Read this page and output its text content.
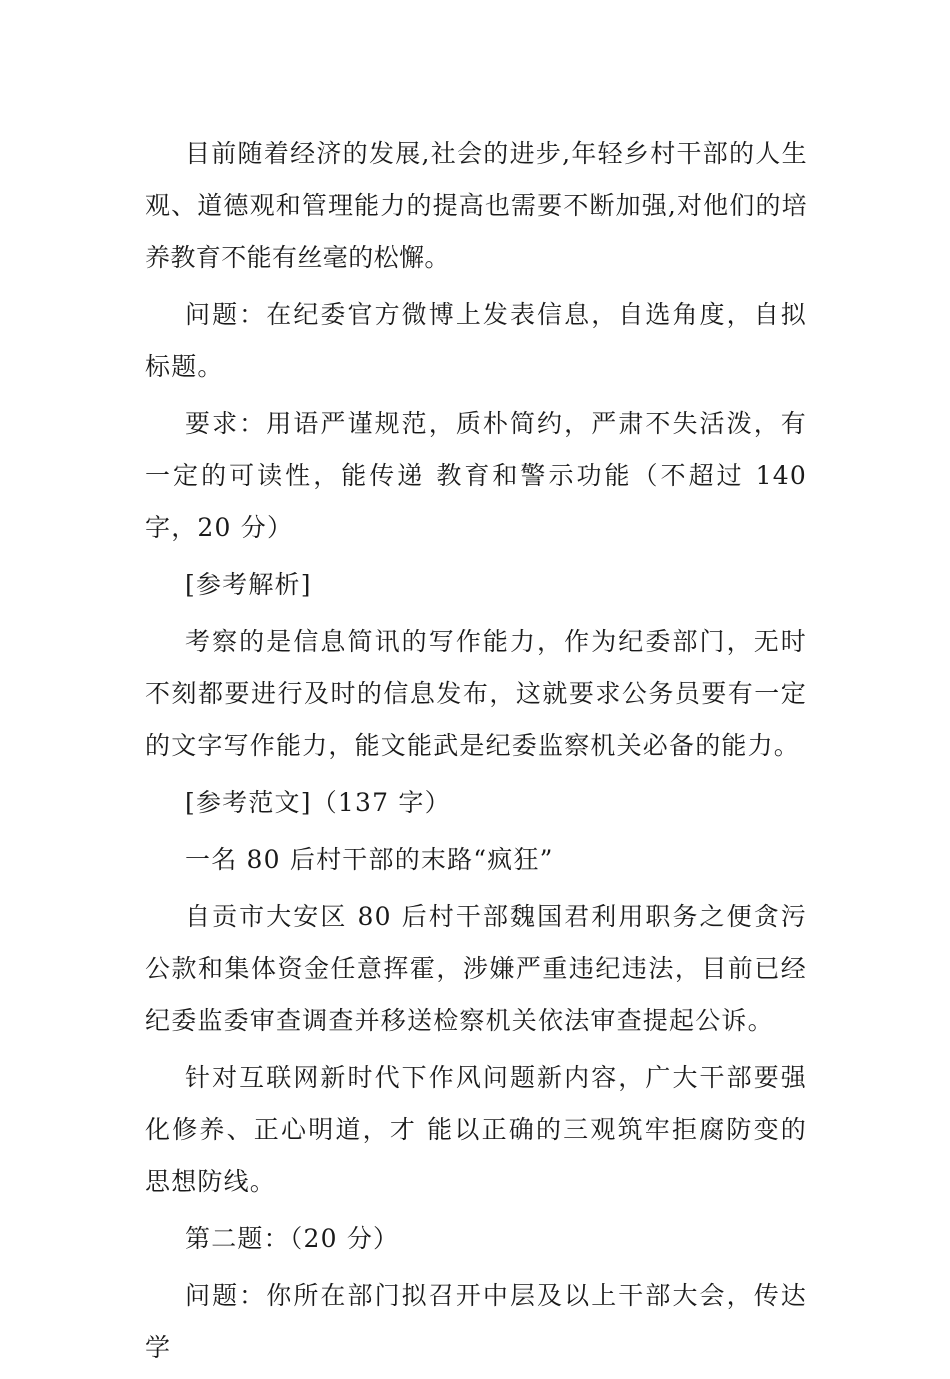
目前随着经济的发展,社会的进步,年轻乡村干部的人生观、道德观和管理能力的提高也需要不断加强,对他们的培养教育不能有丝毫的松懈。

问题：在纪委官方微博上发表信息，自选角度，自拟标题。

要求：用语严谨规范，质朴简约，严肃不失活泼，有一定的可读性，能传递 教育和警示功能（不超过 140 字，20 分）

[参考解析]

考察的是信息简讯的写作能力，作为纪委部门，无时不刻都要进行及时的信息发布，这就要求公务员要有一定的文字写作能力，能文能武是纪委监察机关必备的能力。

[参考范文]（137 字）

一名 80 后村干部的末路“疯狂”

自贡市大安区 80 后村干部魏国君利用职务之便贪污公款和集体资金任意挥霍，涉嫌严重违纪违法，目前已经纪委监委审查调查并移送检察机关依法审查提起公诉。

针对互联网新时代下作风问题新内容，广大干部要强化修养、正心明道，才 能以正确的三观筑牢拒腐防变的思想防线。

第二题：（20 分）

问题：你所在部门拟召开中层及以上干部大会，传达学
